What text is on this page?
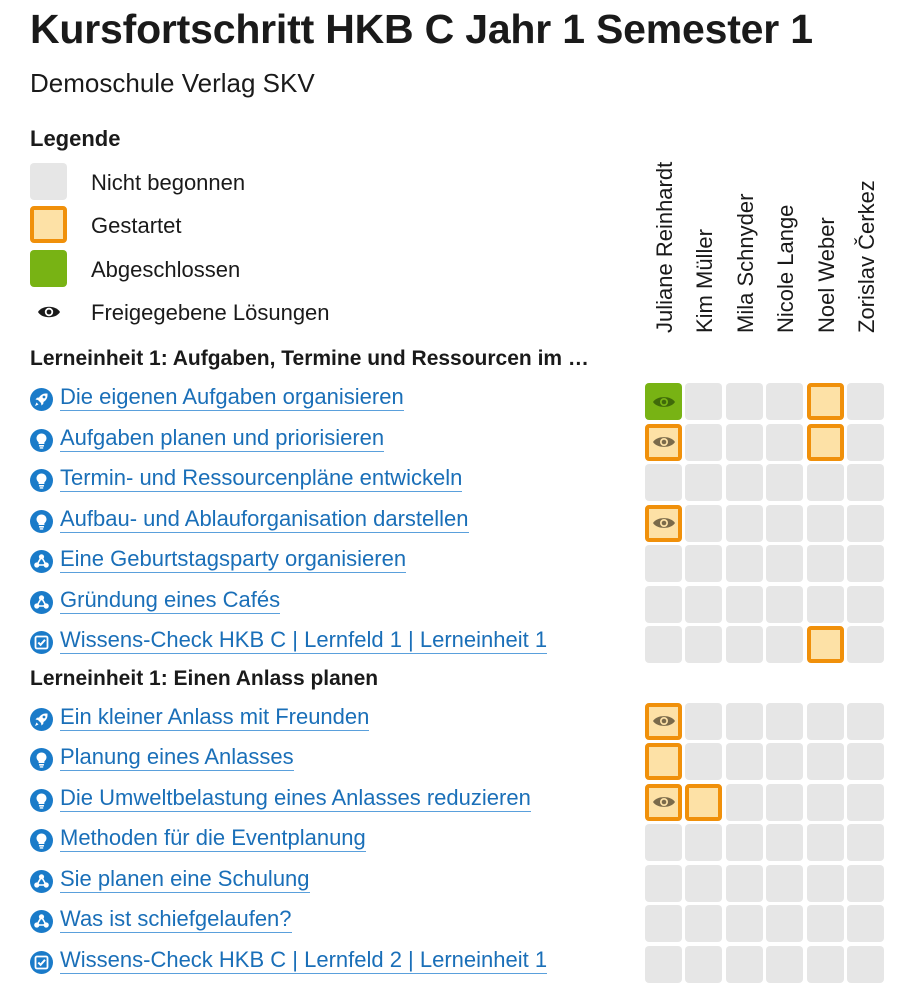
Kursfortschritt HKB C Jahr 1 Semester 1
Demoschule Verlag SKV
Legende
Nicht begonnen
Gestartet
Abgeschlossen
Freigegebene Lösungen	Juliane Reinhardt Kim Müller Mila Schnyder Nicole Lange Noel Weber Zorislav Čerkez
Lerneinheit 1: Aufgaben, Termine und Ressourcen im …
Die eigenen Aufgaben organisieren
Aufgaben planen und priorisieren
Termin- und Ressourcenpläne entwickeln
Aufbau- und Ablauforganisation darstellen
Eine Geburtstagsparty organisieren
Gründung eines Cafés
Wissens-Check HKB C | Lernfeld 1 | Lerneinheit 1
Lerneinheit 1: Einen Anlass planen
Ein kleiner Anlass mit Freunden
Planung eines Anlasses
Die Umweltbelastung eines Anlasses reduzieren
Methoden für die Eventplanung
Sie planen eine Schulung
Was ist schiefgelaufen?
Wissens-Check HKB C | Lernfeld 2 | Lerneinheit 1
